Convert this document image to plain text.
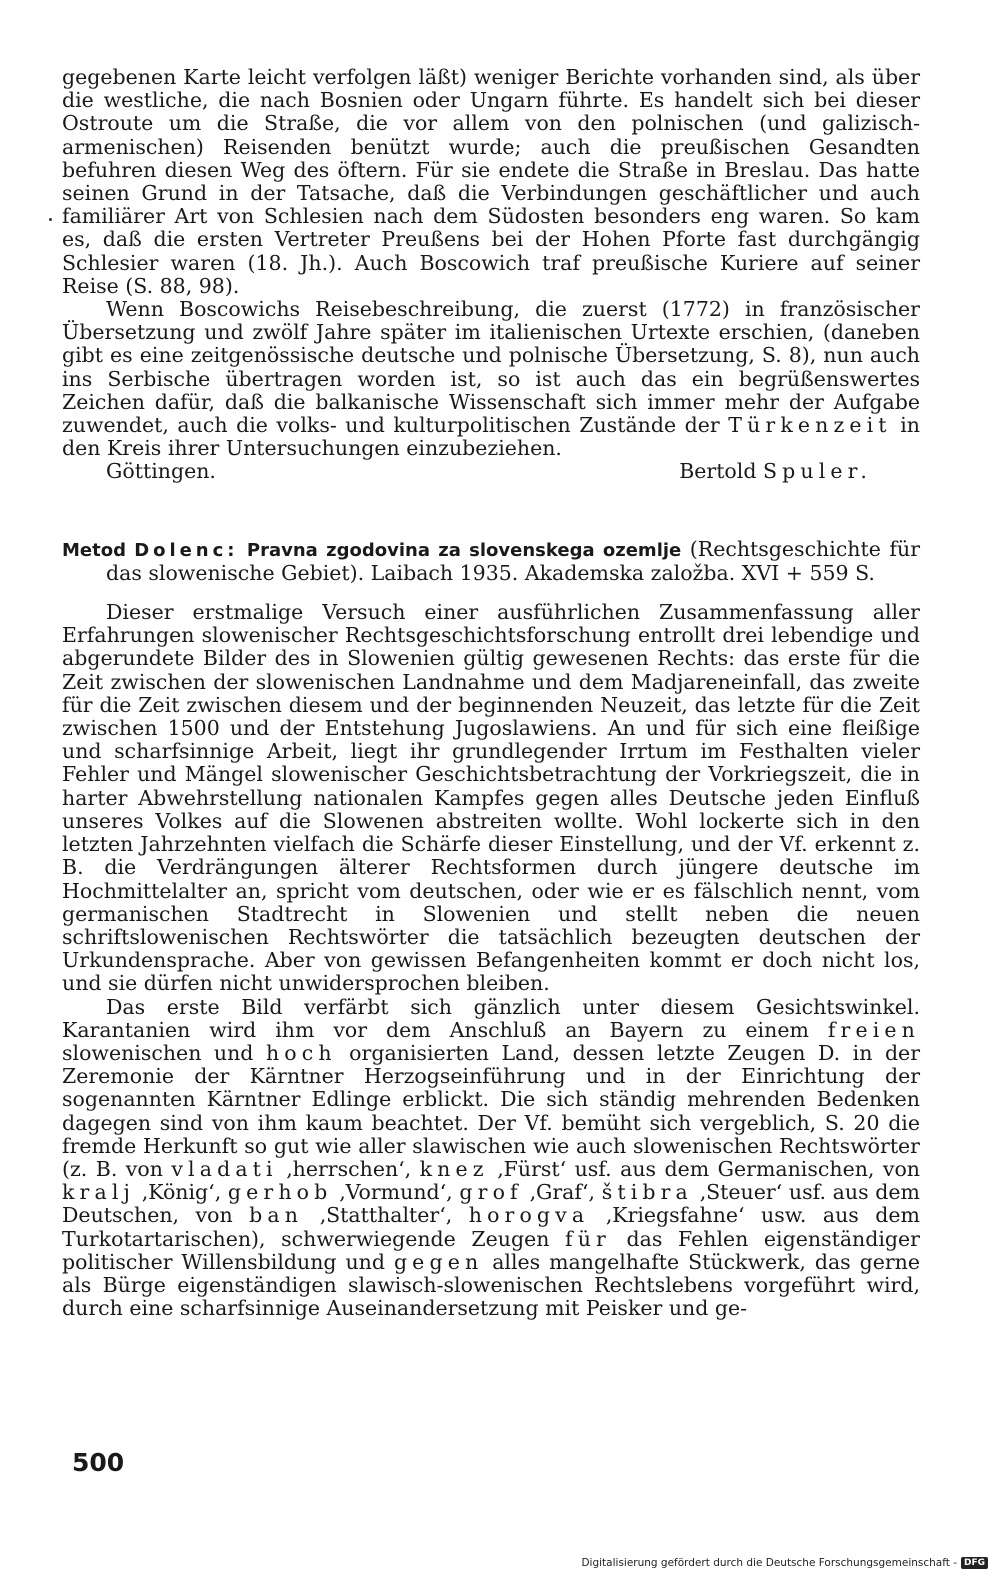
gegebenen Karte leicht verfolgen läßt) weniger Berichte vorhanden sind, als über die westliche, die nach Bosnien oder Ungarn führte. Es handelt sich bei dieser Ostroute um die Straße, die vor allem von den polnischen (und galizisch-armenischen) Reisenden benützt wurde; auch die preußischen Gesandten befuhren diesen Weg des öftern. Für sie endete die Straße in Breslau. Das hatte seinen Grund in der Tatsache, daß die Verbindungen geschäftlicher und auch familiärer Art von Schlesien nach dem Südosten besonders eng waren. So kam es, daß die ersten Vertreter Preußens bei der Hohen Pforte fast durchgängig Schlesier waren (18. Jh.). Auch Boscowich traf preußische Kuriere auf seiner Reise (S. 88, 98).

Wenn Boscowichs Reisebeschreibung, die zuerst (1772) in französischer Übersetzung und zwölf Jahre später im italienischen Urtexte erschien, (daneben gibt es eine zeitgenössische deutsche und polnische Übersetzung, S. 8), nun auch ins Serbische übertragen worden ist, so ist auch das ein begrüßenswertes Zeichen dafür, daß die balkanische Wissenschaft sich immer mehr der Aufgabe zuwendet, auch die volks- und kulturpolitischen Zustände der Türkenzeit in den Kreis ihrer Untersuchungen einzubeziehen.

Göttingen.	Bertold Spuler.
Metod Dolenc: Pravna zgodovina za slovenskega ozemlje (Rechtsgeschichte für das slowenische Gebiet). Laibach 1935. Akademska založba. XVI + 559 S.

Dieser erstmalige Versuch einer ausführlichen Zusammenfassung aller Erfahrungen slowenischer Rechtsgeschichtsforschung entrollt drei lebendige und abgerundete Bilder des in Slowenien gültig gewesenen Rechts: das erste für die Zeit zwischen der slowenischen Landnahme und dem Madjareneinfall, das zweite für die Zeit zwischen diesem und der beginnenden Neuzeit, das letzte für die Zeit zwischen 1500 und der Entstehung Jugoslawiens. An und für sich eine fleißige und scharfsinnige Arbeit, liegt ihr grundlegender Irrtum im Festhalten vieler Fehler und Mängel slowenischer Geschichtsbetrachtung der Vorkriegszeit, die in harter Abwehrstellung nationalen Kampfes gegen alles Deutsche jeden Einfluß unseres Volkes auf die Slowenen abstreiten wollte. Wohl lockerte sich in den letzten Jahrzehnten vielfach die Schärfe dieser Einstellung, und der Vf. erkennt z. B. die Verdrängungen älterer Rechtsformen durch jüngere deutsche im Hochmittelalter an, spricht vom deutschen, oder wie er es fälschlich nennt, vom germanischen Stadtrecht in Slowenien und stellt neben die neuen schriftslowenischen Rechtswörter die tatsächlich bezeugten deutschen der Urkundensprache. Aber von gewissen Befangenheiten kommt er doch nicht los, und sie dürfen nicht unwidersprochen bleiben.

Das erste Bild verfärbt sich gänzlich unter diesem Gesichtswinkel. Karantanien wird ihm vor dem Anschluß an Bayern zu einem freien slowenischen und hoch organisierten Land, dessen letzte Zeugen D. in der Zeremonie der Kärntner Herzogseinführung und in der Einrichtung der sogenannten Kärntner Edlinge erblickt. Die sich ständig mehrenden Bedenken dagegen sind von ihm kaum beachtet. Der Vf. bemüht sich vergeblich, S. 20 die fremde Herkunft so gut wie aller slawischen wie auch slowenischen Rechtswörter (z. B. von vladati ‚herrschen‘, knez ‚Fürst‘ usf. aus dem Germanischen, von kralj ‚König‘, gerhob ‚Vormund‘, grof ‚Graf‘, štibra ‚Steuer‘ usf. aus dem Deutschen, von ban ‚Statthalter‘, horogva ‚Kriegsfahne‘ usw. aus dem Turkotartarischen), schwerwiegende Zeugen für das Fehlen eigenständiger politischer Willensbildung und gegen alles mangelhafte Stückwerk, das gerne als Bürge eigenständigen slawisch-slowenischen Rechtslebens vorgeführt wird, durch eine scharfsinnige Auseinandersetzung mit Peisker und ge-

500
Digitalisierung gefördert durch die Deutsche Forschungsgemeinschaft - DFG
